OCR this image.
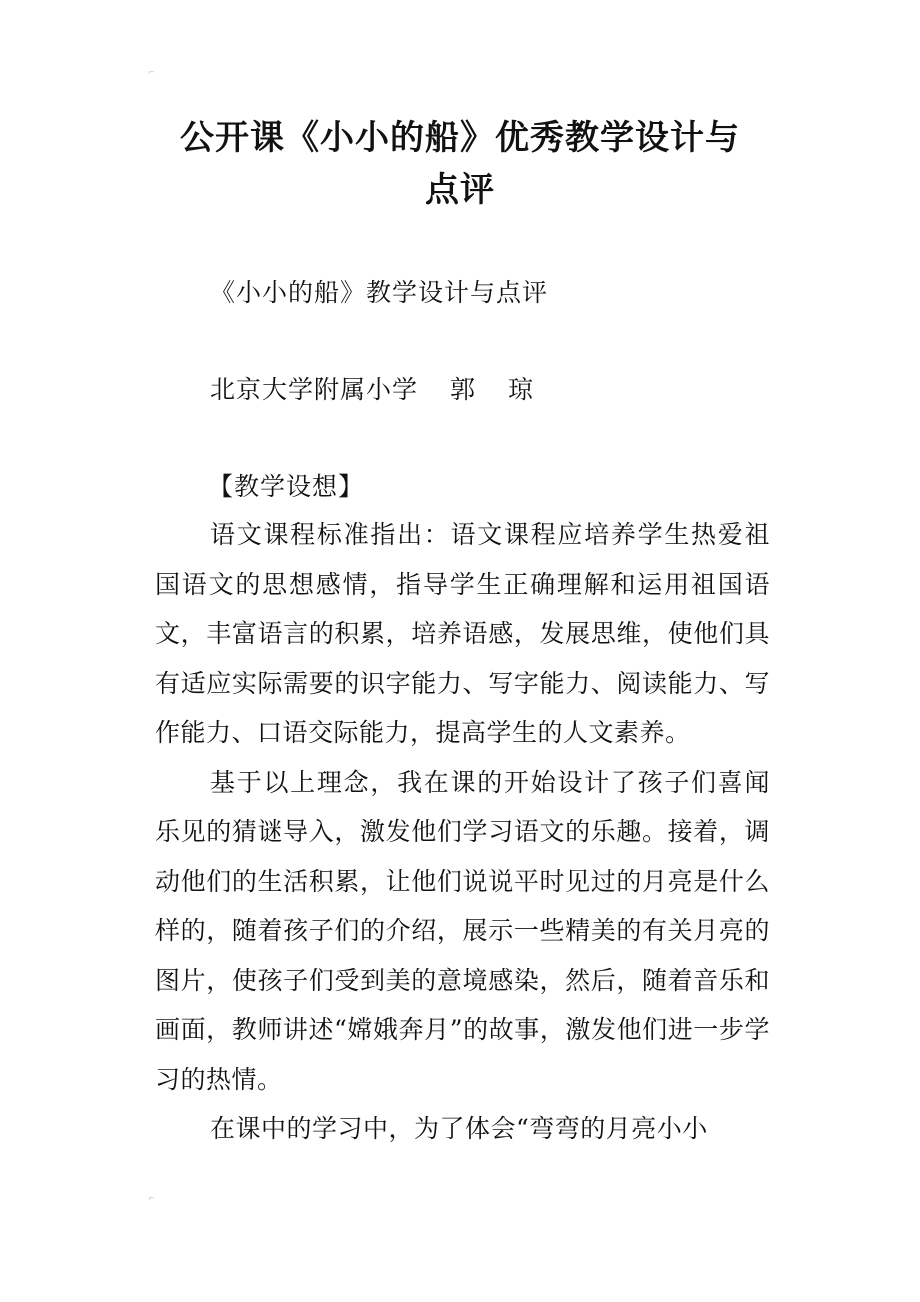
⌐
公开课《小小的船》优秀教学设计与
点评
《小小的船》教学设计与点评
北京大学附属小学 郭 琼
【教学设想】

语文课程标准指出：语文课程应培养学生热爱祖国语文的思想感情，指导学生正确理解和运用祖国语文，丰富语言的积累，培养语感，发展思维，使他们具有适应实际需要的识字能力、写字能力、阅读能力、写作能力、口语交际能力，提高学生的人文素养。

基于以上理念，我在课的开始设计了孩子们喜闻乐见的猜谜导入，激发他们学习语文的乐趣。接着，调动他们的生活积累，让他们说说平时见过的月亮是什么样的，随着孩子们的介绍，展示一些精美的有关月亮的图片，使孩子们受到美的意境感染，然后，随着音乐和画面，教师讲述“嫦娥奔月”的故事，激发他们进一步学习的热情。

在课中的学习中，为了体会“弯弯的月亮小小

⌐
